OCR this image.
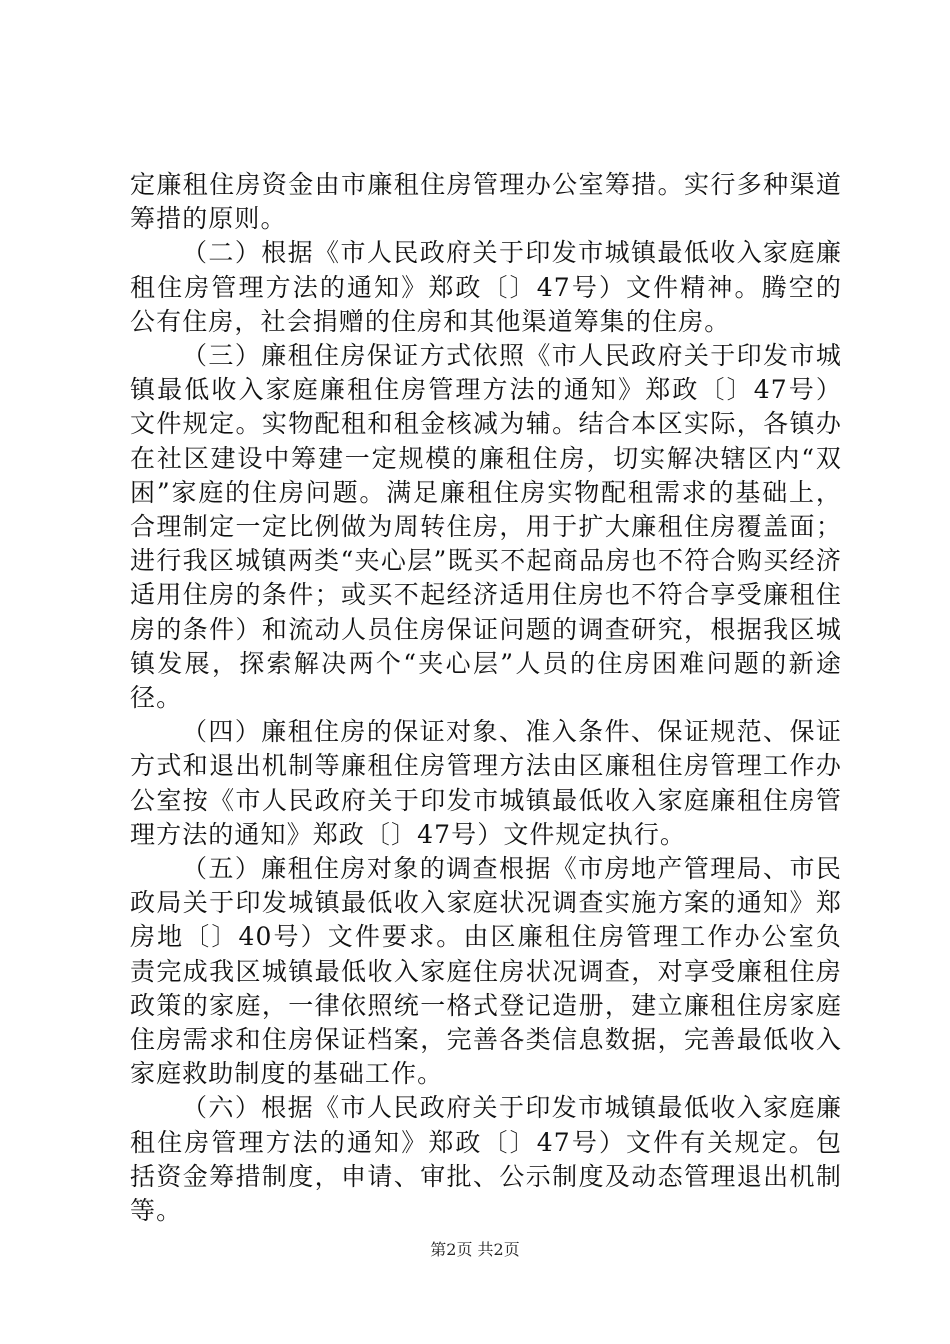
定廉租住房资金由市廉租住房管理办公室筹措。实行多种渠道筹措的原则。

（二）根据《市人民政府关于印发市城镇最低收入家庭廉租住房管理方法的通知》郑政〔〕47号）文件精神。腾空的公有住房，社会捐赠的住房和其他渠道筹集的住房。

（三）廉租住房保证方式依照《市人民政府关于印发市城镇最低收入家庭廉租住房管理方法的通知》郑政〔〕47号）文件规定。实物配租和租金核减为辅。结合本区实际，各镇办在社区建设中筹建一定规模的廉租住房，切实解决辖区内“双困”家庭的住房问题。满足廉租住房实物配租需求的基础上，合理制定一定比例做为周转住房，用于扩大廉租住房覆盖面；进行我区城镇两类“夹心层”既买不起商品房也不符合购买经济适用住房的条件；或买不起经济适用住房也不符合享受廉租住房的条件）和流动人员住房保证问题的调查研究，根据我区城镇发展，探索解决两个“夹心层”人员的住房困难问题的新途径。

（四）廉租住房的保证对象、准入条件、保证规范、保证方式和退出机制等廉租住房管理方法由区廉租住房管理工作办公室按《市人民政府关于印发市城镇最低收入家庭廉租住房管理方法的通知》郑政〔〕47号）文件规定执行。

（五）廉租住房对象的调查根据《市房地产管理局、市民政局关于印发城镇最低收入家庭状况调查实施方案的通知》郑房地〔〕40号）文件要求。由区廉租住房管理工作办公室负责完成我区城镇最低收入家庭住房状况调查，对享受廉租住房政策的家庭，一律依照统一格式登记造册，建立廉租住房家庭住房需求和住房保证档案，完善各类信息数据，完善最低收入家庭救助制度的基础工作。

（六）根据《市人民政府关于印发市城镇最低收入家庭廉租住房管理方法的通知》郑政〔〕47号）文件有关规定。包括资金筹措制度，申请、审批、公示制度及动态管理退出机制等。

第2页 共2页
